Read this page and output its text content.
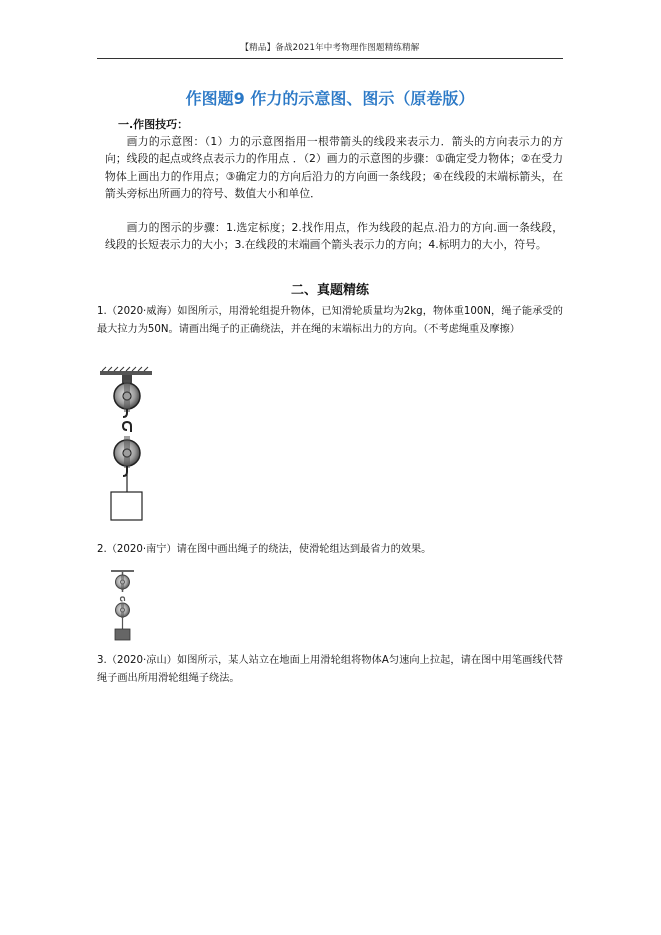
【精品】备战2021年中考物理作图题精练精解
作图题9 作力的示意图、图示（原卷版）
一.作图技巧：
画力的示意图：（1）力的示意图指用一根带箭头的线段来表示力．箭头的方向表示力的方向；线段的起点或终点表示力的作用点 ．（2）画力的示意图的步骤：①确定受力物体；②在受力物体上画出力的作用点；③确定力的方向后沿力的方向画一条线段；④在线段的末端标箭头，在箭头旁标出所画力的符号、数值大小和单位．
画力的图示的步骤：1.选定标度；2.找作用点，作为线段的起点.沿力的方向.画一条线段，线段的长短表示力的大小；3.在线段的末端画个箭头表示力的方向；4.标明力的大小，符号。
二、真题精练
1.（2020·威海）如图所示，用滑轮组提升物体，已知滑轮质量均为2kg，物体重100N，绳子能承受的最大拉力为50N。请画出绳子的正确绕法，并在绳的末端标出力的方向。（不考虑绳重及摩擦）
2.（2020·南宁）请在图中画出绳子的绕法，使滑轮组达到最省力的效果。
3.（2020·凉山）如图所示，某人站立在地面上用滑轮组将物体A匀速向上拉起，请在图中用笔画线代替绳子画出所用滑轮组绳子绕法。
